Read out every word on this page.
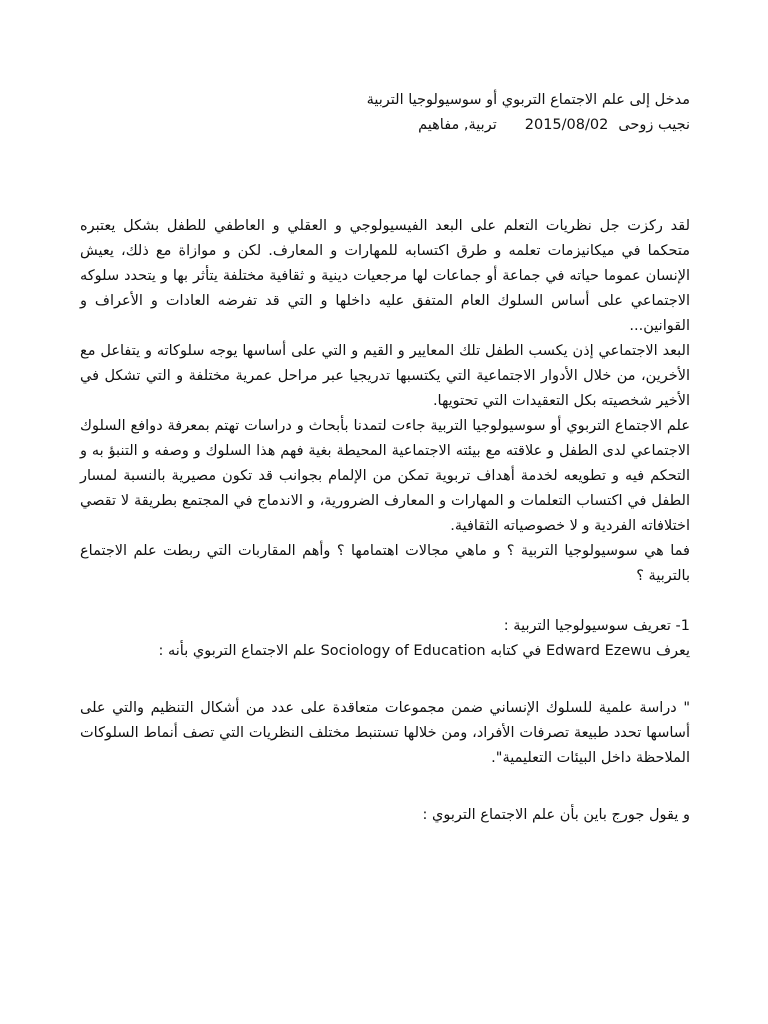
مدخل إلى علم الاجتماع التربوي أو سوسيولوجيا التربية

نجيب زوحى2015/08/02تربية, مفاهيم

لقد ركزت جل نظريات التعلم على البعد الفيسيولوجي و العقلي و العاطفي للطفل بشكل يعتبره متحكما في ميكانيزمات تعلمه و طرق اكتسابه للمهارات و المعارف. لكن و موازاة مع ذلك، يعيش الإنسان عموما حياته في جماعة أو جماعات لها مرجعيات دينية و ثقافية مختلفة يتأثر بها و يتحدد سلوكه الاجتماعي على أساس السلوك العام المتفق عليه داخلها و التي قد تفرضه العادات و الأعراف و القوانين...

البعد الاجتماعي إذن يكسب الطفل تلك المعايير و القيم و التي على أساسها يوجه سلوكاته و يتفاعل مع الأخرين، من خلال الأدوار الاجتماعية التي يكتسبها تدريجيا عبر مراحل عمرية مختلفة و التي تشكل في الأخير شخصيته بكل التعقيدات التي تحتويها.

علم الاجتماع التربوي أو سوسيولوجيا التربية جاءت لتمدنا بأبحاث و دراسات تهتم بمعرفة دوافع السلوك الاجتماعي لدى الطفل و علاقته مع بيئته الاجتماعية المحيطة بغية فهم هذا السلوك و وصفه و التنبؤ به و التحكم فيه و تطويعه لخدمة أهداف تربوية تمكن من الإلمام بجوانب قد تكون مصيرية بالنسبة لمسار الطفل في اكتساب التعلمات و المهارات و المعارف الضرورية، و الاندماج في المجتمع بطريقة لا تقصي اختلافاته الفردية و لا خصوصياته الثقافية.

فما هي سوسيولوجيا التربية ؟ و ماهي مجالات اهتمامها ؟ وأهم المقاربات التي ربطت علم الاجتماع بالتربية ؟

1- تعريف سوسيولوجيا التربية :

يعرف Edward Ezewu في كتابه Sociology of Education علم الاجتماع التربوي بأنه :

" دراسة علمية للسلوك الإنساني ضمن مجموعات متعاقدة على عدد من أشكال التنظيم والتي على أساسها تحدد طبيعة تصرفات الأفراد، ومن خلالها تستنبط مختلف النظريات التي تصف أنماط السلوكات الملاحظة داخل البيئات التعليمية".

و يقول جورج باين بأن علم الاجتماع التربوي :
